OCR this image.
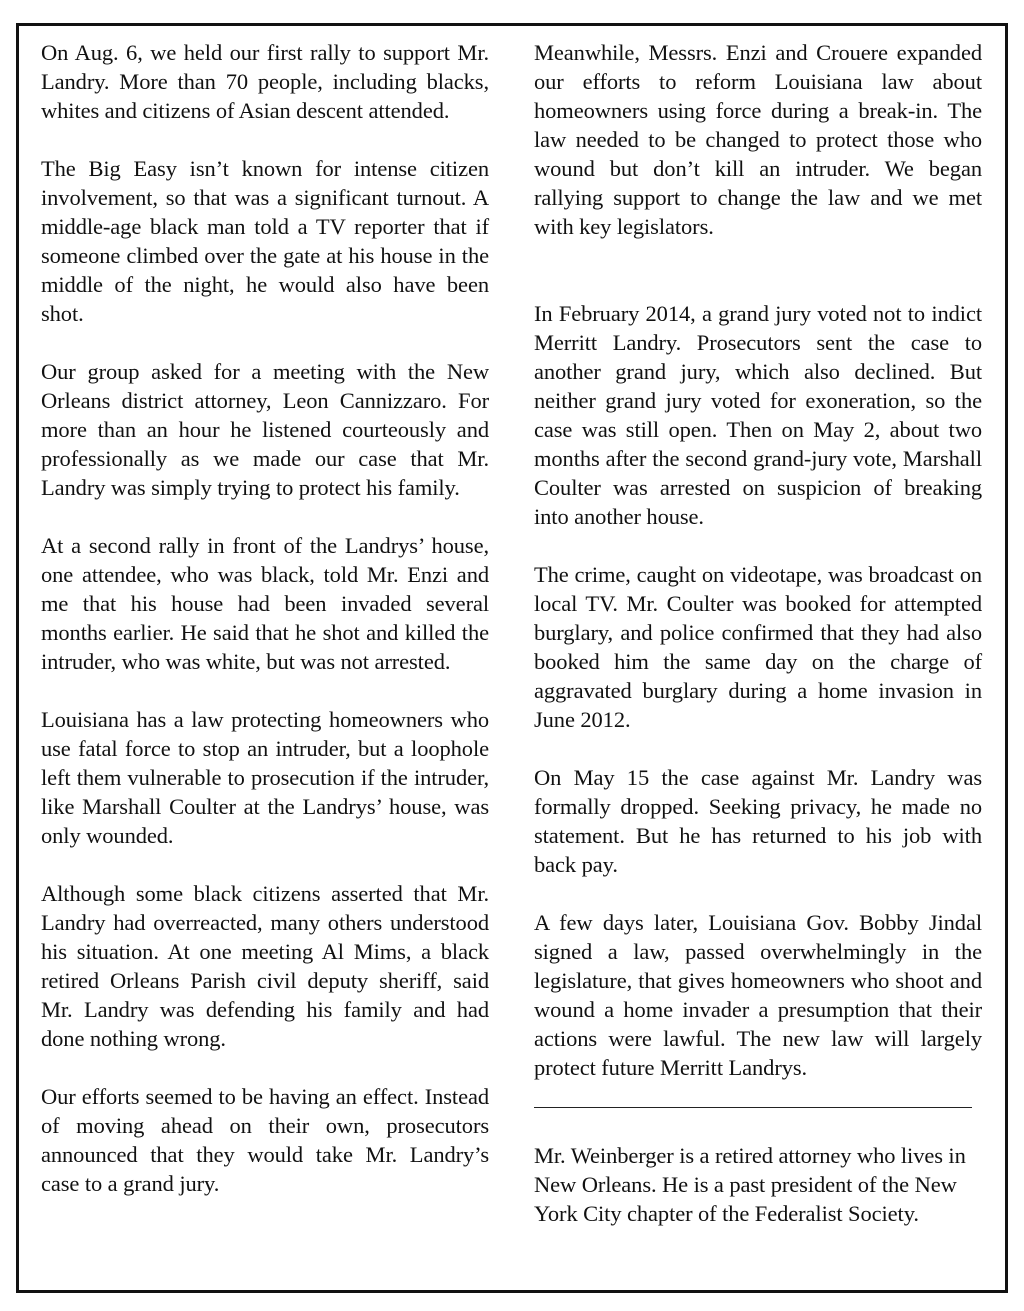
On Aug. 6, we held our first rally to support Mr. Landry. More than 70 people, including blacks, whites and citizens of Asian descent attended.

The Big Easy isn’t known for intense citizen involvement, so that was a significant turnout. A middle-age black man told a TV reporter that if someone climbed over the gate at his house in the middle of the night, he would also have been shot.

Our group asked for a meeting with the New Orleans district attorney, Leon Cannizzaro. For more than an hour he listened courteously and professionally as we made our case that Mr. Landry was simply trying to protect his family.

At a second rally in front of the Landrys’ house, one attendee, who was black, told Mr. Enzi and me that his house had been invaded several months earlier. He said that he shot and killed the intruder, who was white, but was not arrested.

Louisiana has a law protecting homeowners who use fatal force to stop an intruder, but a loophole left them vulnerable to prosecution if the intruder, like Marshall Coulter at the Landrys’ house, was only wounded.

Although some black citizens asserted that Mr. Landry had overreacted, many others understood his situation. At one meeting Al Mims, a black retired Orleans Parish civil deputy sheriff, said Mr. Landry was defending his family and had done nothing wrong.

Our efforts seemed to be having an effect. Instead of moving ahead on their own, prosecutors announced that they would take Mr. Landry’s case to a grand jury.

Meanwhile, Messrs. Enzi and Crouere expanded our efforts to reform Louisiana law about homeowners using force during a break-in. The law needed to be changed to protect those who wound but don’t kill an intruder. We began rallying support to change the law and we met with key legislators.

In February 2014, a grand jury voted not to indict Merritt Landry. Prosecutors sent the case to another grand jury, which also declined. But neither grand jury voted for exoneration, so the case was still open. Then on May 2, about two months after the second grand-jury vote, Marshall Coulter was arrested on suspicion of breaking into another house.

The crime, caught on videotape, was broadcast on local TV. Mr. Coulter was booked for attempted burglary, and police confirmed that they had also booked him the same day on the charge of aggravated burglary during a home invasion in June 2012.

On May 15 the case against Mr. Landry was formally dropped. Seeking privacy, he made no statement. But he has returned to his job with back pay.

A few days later, Louisiana Gov. Bobby Jindal signed a law, passed overwhelmingly in the legislature, that gives homeowners who shoot and wound a home invader a presumption that their actions were lawful. The new law will largely protect future Merritt Landrys.

Mr. Weinberger is a retired attorney who lives in New Orleans. He is a past president of the New York City chapter of the Federalist Society.
